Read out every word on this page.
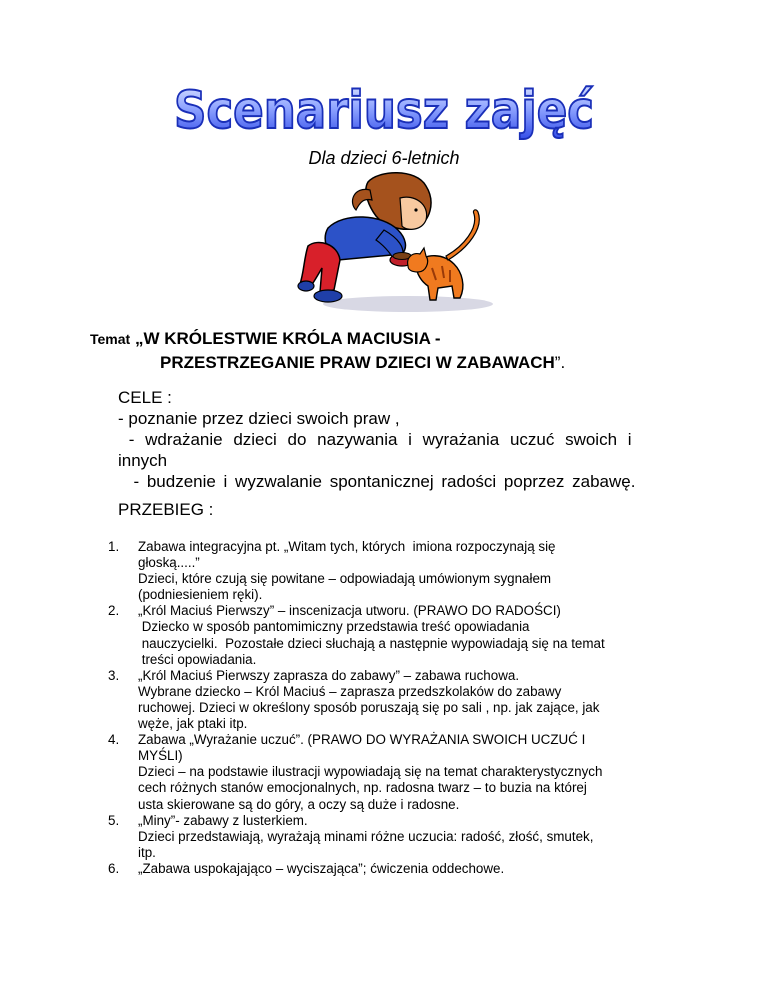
Scenariusz zajęć
Dla dzieci 6-letnich
Temat „W KRÓLESTWIE KRÓLA MACIUSIA -
PRZESTRZEGANIE PRAW DZIECI W ZABAWACH”.
CELE :
- poznanie przez dzieci swoich praw ,
- wdrażanie dzieci do nazywania i wyrażania uczuć swoich i
innych
- budzenie i wyzwalanie spontanicznej radości poprzez zabawę.
PRZEBIEG :
1. Zabawa integracyjna pt. „Witam tych, których  imiona rozpoczynają się
głoską.....”
Dzieci, które czują się powitane – odpowiadają umówionym sygnałem
(podniesieniem ręki).
2. „Król Maciuś Pierwszy” – inscenizacja utworu. (PRAWO DO RADOŚCI)
Dziecko w sposób pantomimiczny przedstawia treść opowiadania
nauczycielki.  Pozostałe dzieci słuchają a następnie wypowiadają się na temat
treści opowiadania.
3. „Król Maciuś Pierwszy zaprasza do zabawy” – zabawa ruchowa.
Wybrane dziecko – Król Maciuś – zaprasza przedszkolaków do zabawy
ruchowej. Dzieci w określony sposób poruszają się po sali , np. jak zające, jak
węże, jak ptaki itp.
4. Zabawa „Wyrażanie uczuć”. (PRAWO DO WYRAŻANIA SWOICH UCZUĆ I
MYŚLI)
Dzieci – na podstawie ilustracji wypowiadają się na temat charakterystycznych
cech różnych stanów emocjonalnych, np. radosna twarz – to buzia na której
usta skierowane są do góry, a oczy są duże i radosne.
5. „Miny”- zabawy z lusterkiem.
Dzieci przedstawiają, wyrażają minami różne uczucia: radość, złość, smutek,
itp.
6. „Zabawa uspokajająco – wyciszająca”; ćwiczenia oddechowe.
